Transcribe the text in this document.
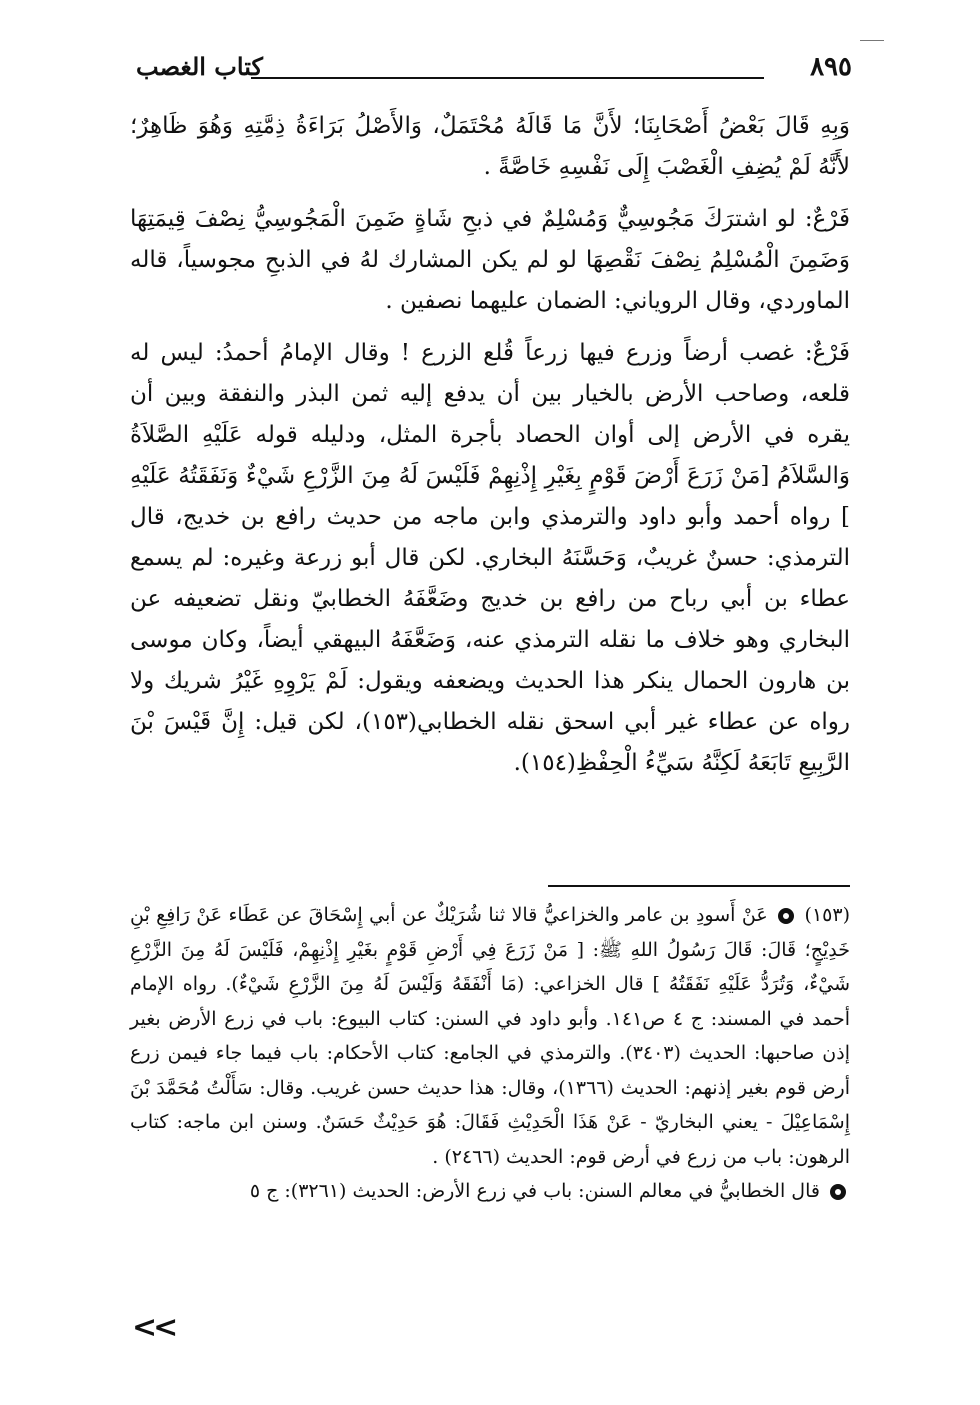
٨٩٥
كتاب الغصب

وَبِهِ قَالَ بَعْضُ أَصْحَابِنَا؛ لأَنَّ مَا قَالَهُ مُحْتَمَلٌ، وَالأَصْلُ بَرَاءَةُ ذِمَّتِهِ وَهُوَ ظَاهِرٌ؛ لأَنَّهُ لَمْ يُضِفِ الْغَصْبَ إِلَى نَفْسِهِ خَاصَّةً .

فَرْعٌ: لو اشترَكَ مَجُوسِيٌّ وَمُسْلِمٌ في ذبحِ شَاةٍ ضَمِنَ الْمَجُوسِيُّ نِصْفَ قِيمَتِهَا وَضَمِنَ الْمُسْلِمُ نِصْفَ نَقْصِهَا لو لم يكن المشارك لهُ في الذبحِ مجوسياً، قاله الماوردي، وقال الروياني: الضمان عليهما نصفين .

فَرْعٌ: غصب أرضاً وزرع فيها زرعاً قُلع الزرع ! وقال الإمامُ أحمدُ: ليس له قلعه، وصاحب الأرض بالخيار بين أن يدفع إليه ثمن البذر والنفقة وبين أن يقره في الأرض إلى أوان الحصاد بأجرة المثل، ودليله قوله عَلَيْهِ الصَّلاَةُ وَالسَّلاَمُ [مَنْ زَرَعَ أَرْضَ قَوْمٍ بِغَيْرِ إِذْنِهِمْ فَلَيْسَ لَهُ مِنَ الزَّرْعِ شَيْءٌ وَنَفَقَتُهُ عَلَيْهِ ] رواه أحمد وأبو داود والترمذي وابن ماجه من حديث رافع بن خديج، قال الترمذي: حسنٌ غريبٌ، وَحَسَّنَهُ البخاري. لكن قال أبو زرعة وغيره: لم يسمع عطاء بن أبي رباح من رافع بن خديج وضَعَّفَهُ الخطابيّ ونقل تضعيفه عن البخاري وهو خلاف ما نقله الترمذي عنه، وَضَعَّفَهُ البيهقي أيضاً، وكان موسى بن هارون الحمال ينكر هذا الحديث ويضعفه ويقول: لَمْ يَرْوِهِ غَيْرُ شريك ولا رواه عن عطاء غير أبي اسحق نقله الخطابي(١٥٣)، لكن قيل: إِنَّ قَيْسَ بْنَ الرَّبِيعِ تَابَعَهُ لَكِنَّهُ سَيِّءُ الْحِفْظِ(١٥٤).

(١٥٣)  عَنْ أَسودِ بن عامر والخزاعيُّ قالا ثنا شُرَيْكٌ عن أبي إِسْحَاقَ عن عَطَاء عَنْ رَافِعِ بْنِ خَدِيْجٍ؛ قَالَ: قَالَ رَسُولُ اللهِ ﷺ: [ مَنْ زَرَعَ فِي أَرْضِ قَوْمٍ بغَيْرِ إِذْنِهِمْ، فَلَيْسَ لَهُ مِنَ الزَّرْعِ شَيْءٌ، وَتُرَدُّ عَلَيْهِ نَفَقَتُهُ ] قال الخزاعي: (مَا أَنْفَقَهُ وَلَيْسَ لَهُ مِنَ الزَّرْعِ شَيْءٌ). رواه الإمام أحمد في المسند: ج ٤ ص١٤١. وأبو داود في السنن: كتاب البيوع: باب في زرع الأرض بغير إذن صاحبها: الحديث (٣٤٠٣). والترمذي في الجامع: كتاب الأحكام: باب فيما جاء فيمن زرع أرض قوم بغير إذنهم: الحديث (١٣٦٦)، وقال: هذا حديث حسن غريب. وقال: سَأَلْتُ مُحَمَّدَ بْنَ إِسْمَاعِيْلَ - يعني البخاريّ - عَنْ هَذَا الْحَدِيْثِ فَقَالَ: هُوَ حَدِيْثٌ حَسَنٌ. وسنن ابن ماجه: كتاب الرهون: باب من زرع في أرض قوم: الحديث (٢٤٦٦) .

قال الخطابيُّ في معالم السنن: باب في زرع الأرض: الحديث (٣٢٦١): ج ٥

<<
